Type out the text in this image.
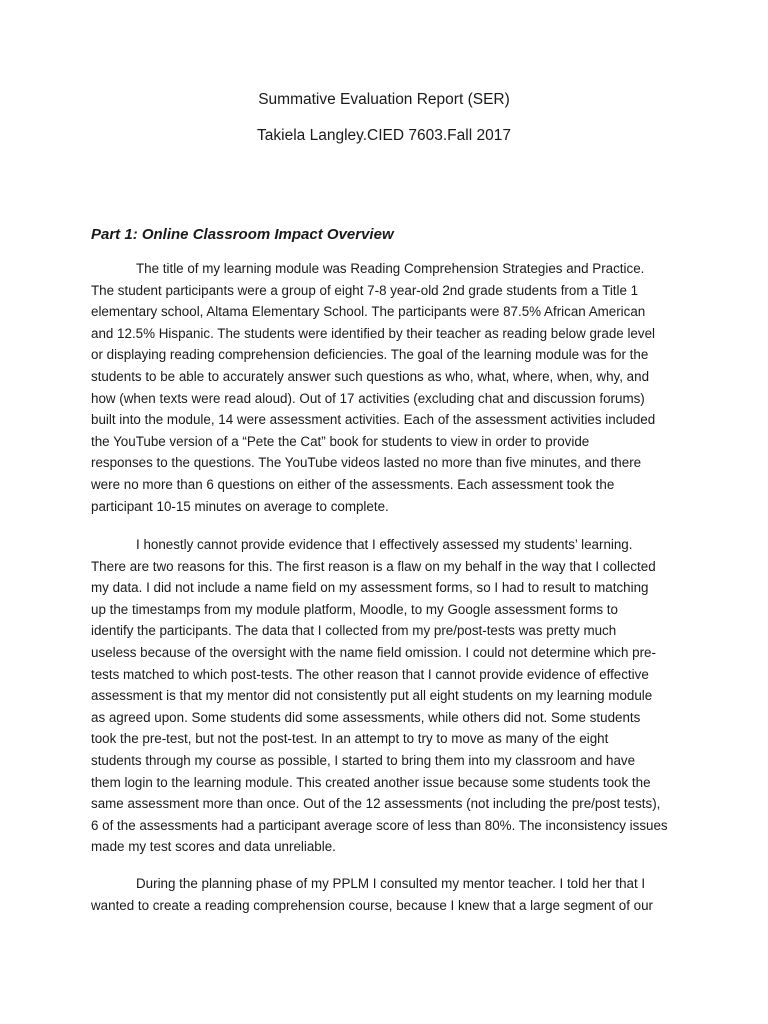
Summative Evaluation Report (SER)
Takiela Langley.CIED 7603.Fall 2017
Part 1: Online Classroom Impact Overview
The title of my learning module was Reading Comprehension Strategies and Practice.
The student participants were a group of eight 7-8 year-old 2nd grade students from a Title 1
elementary school, Altama Elementary School. The participants were 87.5% African American
and 12.5% Hispanic. The students were identified by their teacher as reading below grade level
or displaying reading comprehension deficiencies. The goal of the learning module was for the
students to be able to accurately answer such questions as who, what, where, when, why, and
how (when texts were read aloud). Out of 17 activities (excluding chat and discussion forums)
built into the module, 14 were assessment activities. Each of the assessment activities included
the YouTube version of a “Pete the Cat” book for students to view in order to provide
responses to the questions. The YouTube videos lasted no more than five minutes, and there
were no more than 6 questions on either of the assessments. Each assessment took the
participant 10-15 minutes on average to complete.
I honestly cannot provide evidence that I effectively assessed my students’ learning.
There are two reasons for this. The first reason is a flaw on my behalf in the way that I collected
my data. I did not include a name field on my assessment forms, so I had to result to matching
up the timestamps from my module platform, Moodle, to my Google assessment forms to
identify the participants. The data that I collected from my pre/post-tests was pretty much
useless because of the oversight with the name field omission. I could not determine which pre-
tests matched to which post-tests. The other reason that I cannot provide evidence of effective
assessment is that my mentor did not consistently put all eight students on my learning module
as agreed upon. Some students did some assessments, while others did not. Some students
took the pre-test, but not the post-test. In an attempt to try to move as many of the eight
students through my course as possible, I started to bring them into my classroom and have
them login to the learning module. This created another issue because some students took the
same assessment more than once. Out of the 12 assessments (not including the pre/post tests),
6 of the assessments had a participant average score of less than 80%. The inconsistency issues
made my test scores and data unreliable.
During the planning phase of my PPLM I consulted my mentor teacher. I told her that I
wanted to create a reading comprehension course, because I knew that a large segment of our
